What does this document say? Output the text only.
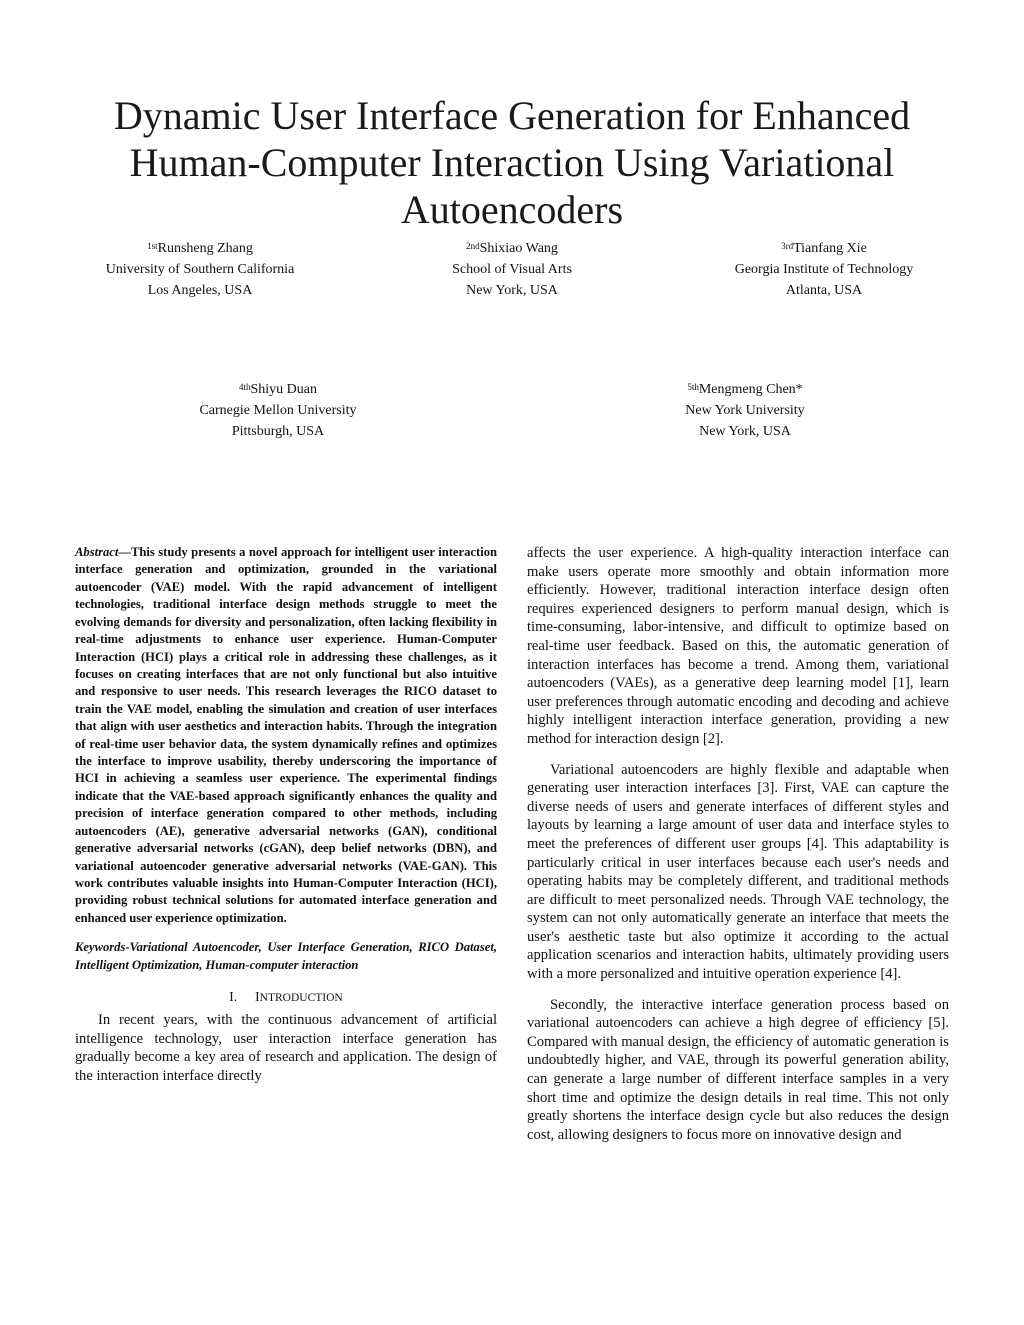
Dynamic User Interface Generation for Enhanced
Human-Computer Interaction Using Variational
Autoencoders
$^{1st}$Runsheng Zhang
University of Southern California
Los Angeles, USA
$^{2nd}$Shixiao Wang
School of Visual Arts
New York, USA
$^{3rd}$Tianfang Xie
Georgia Institute of Technology
Atlanta, USA
$^{4th}$Shiyu Duan
Carnegie Mellon University
Pittsburgh, USA
$^{5th}$Mengmeng Chen*
New York University
New York, USA

Abstract—This study presents a novel approach for intelligent user interaction interface generation and optimization, grounded in the variational autoencoder (VAE) model. With the rapid advancement of intelligent technologies, traditional interface design methods struggle to meet the evolving demands for diversity and personalization, often lacking flexibility in real-time adjustments to enhance user experience. Human-Computer Interaction (HCI) plays a critical role in addressing these challenges, as it focuses on creating interfaces that are not only functional but also intuitive and responsive to user needs. This research leverages the RICO dataset to train the VAE model, enabling the simulation and creation of user interfaces that align with user aesthetics and interaction habits. Through the integration of real-time user behavior data, the system dynamically refines and optimizes the interface to improve usability, thereby underscoring the importance of HCI in achieving a seamless user experience. The experimental findings indicate that the VAE-based approach significantly enhances the quality and precision of interface generation compared to other methods, including autoencoders (AE), generative adversarial networks (GAN), conditional generative adversarial networks (cGAN), deep belief networks (DBN), and variational autoencoder generative adversarial networks (VAE-GAN). This work contributes valuable insights into Human-Computer Interaction (HCI), providing robust technical solutions for automated interface generation and enhanced user experience optimization.

Keywords-Variational Autoencoder, User Interface Generation, RICO Dataset, Intelligent Optimization, Human-computer interaction

I. INTRODUCTION

In recent years, with the continuous advancement of artificial intelligence technology, user interaction interface generation has gradually become a key area of research and application. The design of the interaction interface directly

affects the user experience. A high-quality interaction interface can make users operate more smoothly and obtain information more efficiently. However, traditional interaction interface design often requires experienced designers to perform manual design, which is time-consuming, labor-intensive, and difficult to optimize based on real-time user feedback. Based on this, the automatic generation of interaction interfaces has become a trend. Among them, variational autoencoders (VAEs), as a generative deep learning model [1], learn user preferences through automatic encoding and decoding and achieve highly intelligent interaction interface generation, providing a new method for interaction design [2].

Variational autoencoders are highly flexible and adaptable when generating user interaction interfaces [3]. First, VAE can capture the diverse needs of users and generate interfaces of different styles and layouts by learning a large amount of user data and interface styles to meet the preferences of different user groups [4]. This adaptability is particularly critical in user interfaces because each user's needs and operating habits may be completely different, and traditional methods are difficult to meet personalized needs. Through VAE technology, the system can not only automatically generate an interface that meets the user's aesthetic taste but also optimize it according to the actual application scenarios and interaction habits, ultimately providing users with a more personalized and intuitive operation experience [4].

Secondly, the interactive interface generation process based on variational autoencoders can achieve a high degree of efficiency [5]. Compared with manual design, the efficiency of automatic generation is undoubtedly higher, and VAE, through its powerful generation ability, can generate a large number of different interface samples in a very short time and optimize the design details in real time. This not only greatly shortens the interface design cycle but also reduces the design cost, allowing designers to focus more on innovative design and
